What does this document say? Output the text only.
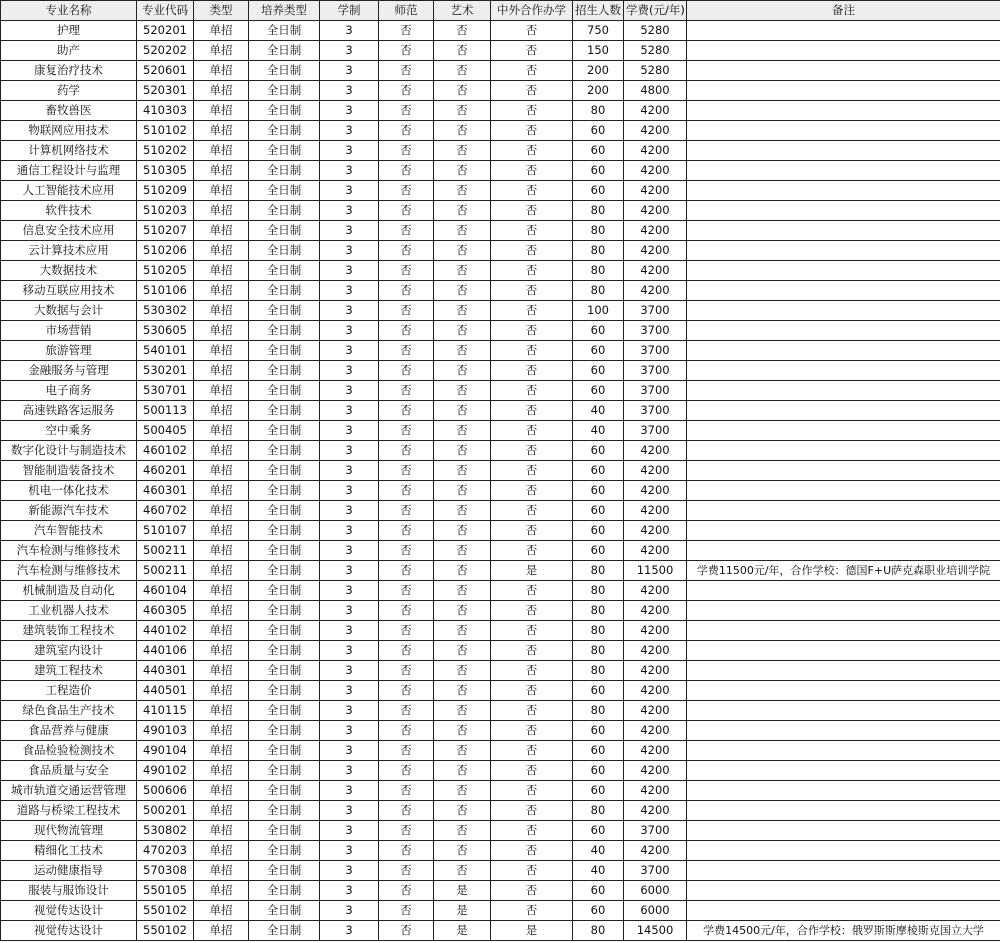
专业名称	专业代码	类型	培养类型	学制	师范	艺术	中外合作办学	招生人数	学费(元/年)	备注
护理	520201	单招	全日制	3	否	否	否	750	5280	
助产	520202	单招	全日制	3	否	否	否	150	5280	
康复治疗技术	520601	单招	全日制	3	否	否	否	200	5280	
药学	520301	单招	全日制	3	否	否	否	200	4800	
畜牧兽医	410303	单招	全日制	3	否	否	否	80	4200	
物联网应用技术	510102	单招	全日制	3	否	否	否	60	4200	
计算机网络技术	510202	单招	全日制	3	否	否	否	60	4200	
通信工程设计与监理	510305	单招	全日制	3	否	否	否	60	4200	
人工智能技术应用	510209	单招	全日制	3	否	否	否	60	4200	
软件技术	510203	单招	全日制	3	否	否	否	80	4200	
信息安全技术应用	510207	单招	全日制	3	否	否	否	80	4200	
云计算技术应用	510206	单招	全日制	3	否	否	否	80	4200	
大数据技术	510205	单招	全日制	3	否	否	否	80	4200	
移动互联应用技术	510106	单招	全日制	3	否	否	否	80	4200	
大数据与会计	530302	单招	全日制	3	否	否	否	100	3700	
市场营销	530605	单招	全日制	3	否	否	否	60	3700	
旅游管理	540101	单招	全日制	3	否	否	否	60	3700	
金融服务与管理	530201	单招	全日制	3	否	否	否	60	3700	
电子商务	530701	单招	全日制	3	否	否	否	60	3700	
高速铁路客运服务	500113	单招	全日制	3	否	否	否	40	3700	
空中乘务	500405	单招	全日制	3	否	否	否	40	3700	
数字化设计与制造技术	460102	单招	全日制	3	否	否	否	60	4200	
智能制造装备技术	460201	单招	全日制	3	否	否	否	60	4200	
机电一体化技术	460301	单招	全日制	3	否	否	否	60	4200	
新能源汽车技术	460702	单招	全日制	3	否	否	否	60	4200	
汽车智能技术	510107	单招	全日制	3	否	否	否	60	4200	
汽车检测与维修技术	500211	单招	全日制	3	否	否	否	60	4200	
汽车检测与维修技术	500211	单招	全日制	3	否	否	是	80	11500	学费11500元/年，合作学校：德国F+U萨克森职业培训学院
机械制造及自动化	460104	单招	全日制	3	否	否	否	80	4200	
工业机器人技术	460305	单招	全日制	3	否	否	否	80	4200	
建筑装饰工程技术	440102	单招	全日制	3	否	否	否	80	4200	
建筑室内设计	440106	单招	全日制	3	否	否	否	80	4200	
建筑工程技术	440301	单招	全日制	3	否	否	否	80	4200	
工程造价	440501	单招	全日制	3	否	否	否	60	4200	
绿色食品生产技术	410115	单招	全日制	3	否	否	否	80	4200	
食品营养与健康	490103	单招	全日制	3	否	否	否	60	4200	
食品检验检测技术	490104	单招	全日制	3	否	否	否	60	4200	
食品质量与安全	490102	单招	全日制	3	否	否	否	60	4200	
城市轨道交通运营管理	500606	单招	全日制	3	否	否	否	60	4200	
道路与桥梁工程技术	500201	单招	全日制	3	否	否	否	80	4200	
现代物流管理	530802	单招	全日制	3	否	否	否	60	3700	
精细化工技术	470203	单招	全日制	3	否	否	否	40	4200	
运动健康指导	570308	单招	全日制	3	否	否	否	40	3700	
服装与服饰设计	550105	单招	全日制	3	否	是	否	60	6000	
视觉传达设计	550102	单招	全日制	3	否	是	否	60	6000	
视觉传达设计	550102	单招	全日制	3	否	是	是	80	14500	学费14500元/年，合作学校：俄罗斯斯摩棱斯克国立大学
